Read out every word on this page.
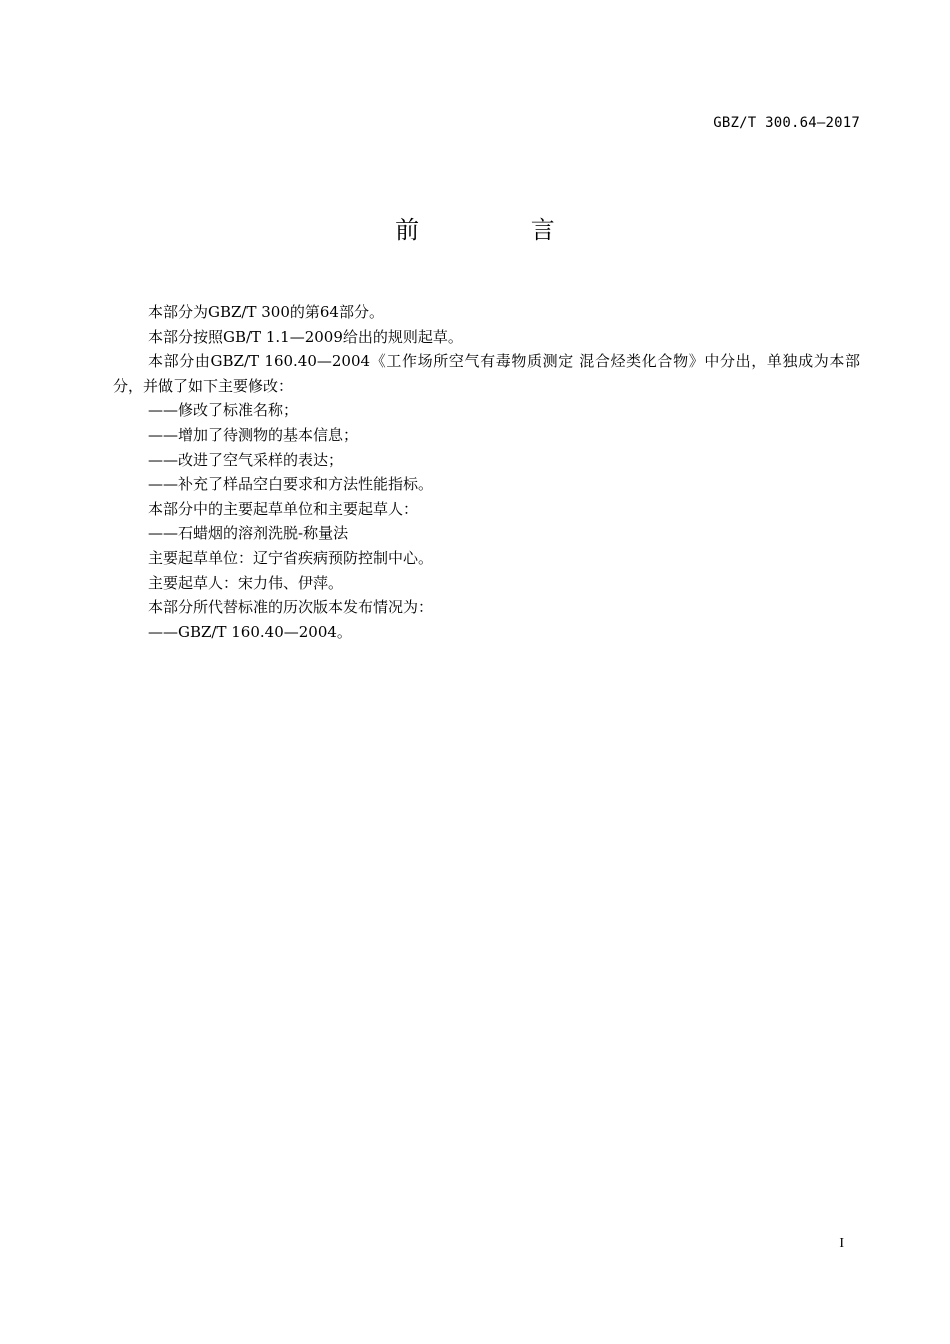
GBZ/T 300.64—2017
前 言

本部分为GBZ/T 300的第64部分。

本部分按照GB/T 1.1—2009给出的规则起草。

本部分由GBZ/T 160.40—2004《工作场所空气有毒物质测定 混合烃类化合物》中分出，单独成为本部分，并做了如下主要修改：

——修改了标准名称；

——增加了待测物的基本信息；

——改进了空气采样的表达；

——补充了样品空白要求和方法性能指标。

本部分中的主要起草单位和主要起草人：

——石蜡烟的溶剂洗脱-称量法

主要起草单位：辽宁省疾病预防控制中心。

主要起草人：宋力伟、伊萍。

本部分所代替标准的历次版本发布情况为：

——GBZ/T 160.40—2004。

I
